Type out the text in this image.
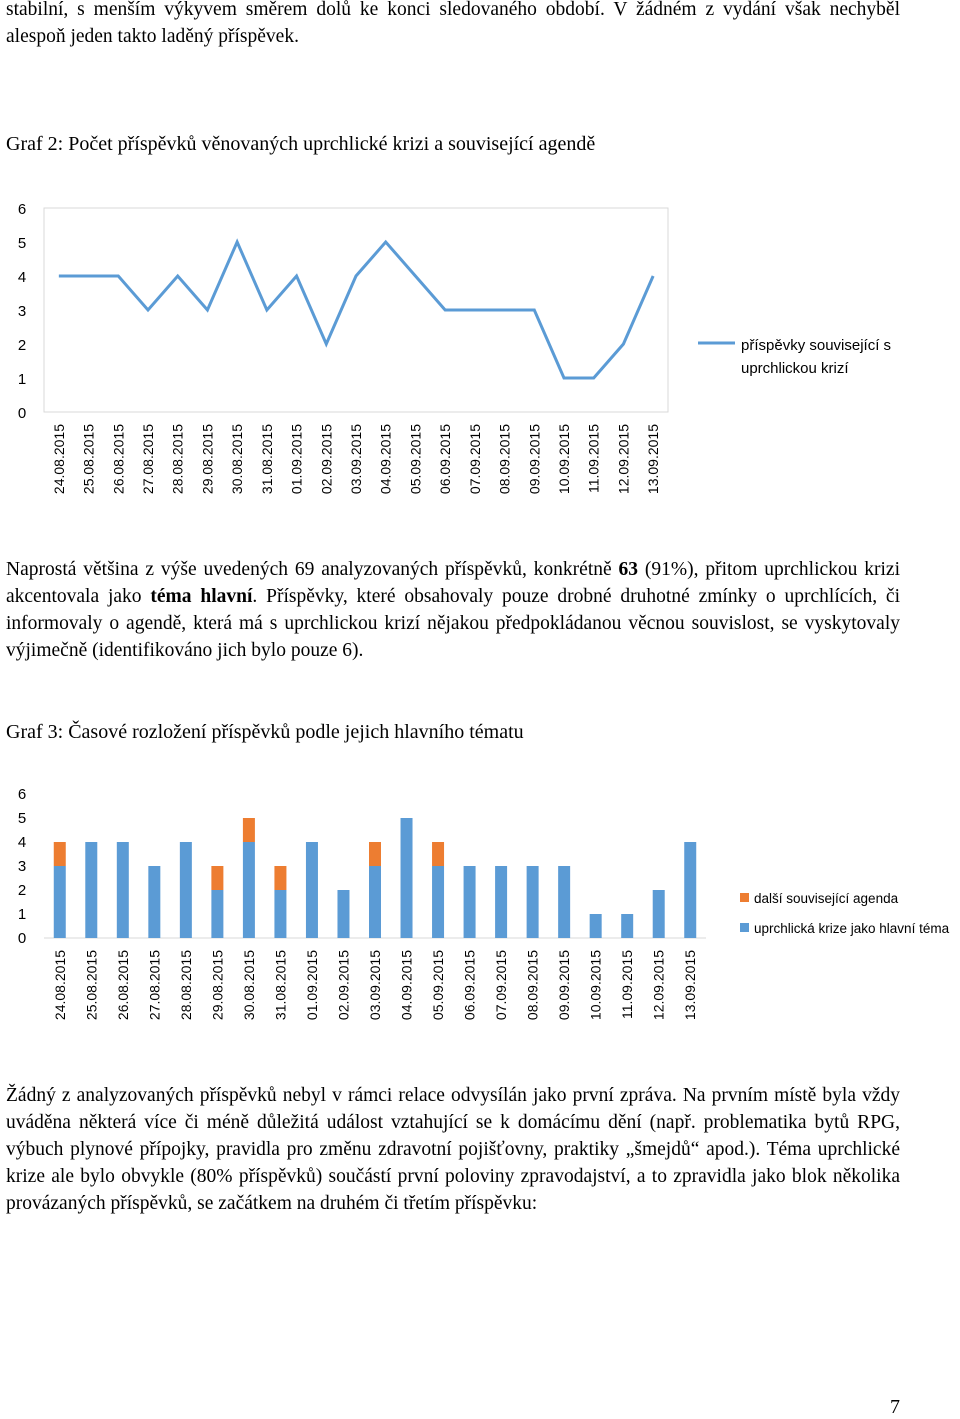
stabilní, s menším výkyvem směrem dolů ke konci sledovaného období. V žádném z vydání však nechyběl alespoň jeden takto laděný příspěvek.

Graf 2: Počet příspěvků věnovaných uprchlické krizi a související agendě

0
1
2
3
4
5
6
24.08.2015 25.08.2015 26.08.2015 27.08.2015 28.08.2015 29.08.2015 30.08.2015 31.08.2015 01.09.2015 02.09.2015 03.09.2015 04.09.2015 05.09.2015 06.09.2015 07.09.2015 08.09.2015 09.09.2015 10.09.2015 11.09.2015 12.09.2015 13.09.2015
příspěvky související s uprchlickou krizí

Naprostá většina z výše uvedených 69 analyzovaných příspěvků, konkrétně 63 (91%), přitom uprchlickou krizi akcentovala jako téma hlavní. Příspěvky, které obsahovaly pouze drobné druhotné zmínky o uprchlících, či informovaly o agendě, která má s uprchlickou krizí nějakou předpokládanou věcnou souvislost, se vyskytovaly výjimečně (identifikováno jich bylo pouze 6).

Graf 3: Časové rozložení příspěvků podle jejich hlavního tématu

0
1
2
3
4
5
6
24.08.2015 25.08.2015 26.08.2015 27.08.2015 28.08.2015 29.08.2015 30.08.2015 31.08.2015 01.09.2015 02.09.2015 03.09.2015 04.09.2015 05.09.2015 06.09.2015 07.09.2015 08.09.2015 09.09.2015 10.09.2015 11.09.2015 12.09.2015 13.09.2015
další související agenda
uprchlická krize jako hlavní téma

Žádný z analyzovaných příspěvků nebyl v rámci relace odvysílán jako první zpráva. Na prvním místě byla vždy uváděna některá více či méně důležitá událost vztahující se k domácímu dění (např. problematika bytů RPG, výbuch plynové přípojky, pravidla pro změnu zdravotní pojišťovny, praktiky „šmejdů“ apod.). Téma uprchlické krize ale bylo obvykle (80% příspěvků) součástí první poloviny zpravodajství, a to zpravidla jako blok několika provázaných příspěvků, se začátkem na druhém či třetím příspěvku:

7
